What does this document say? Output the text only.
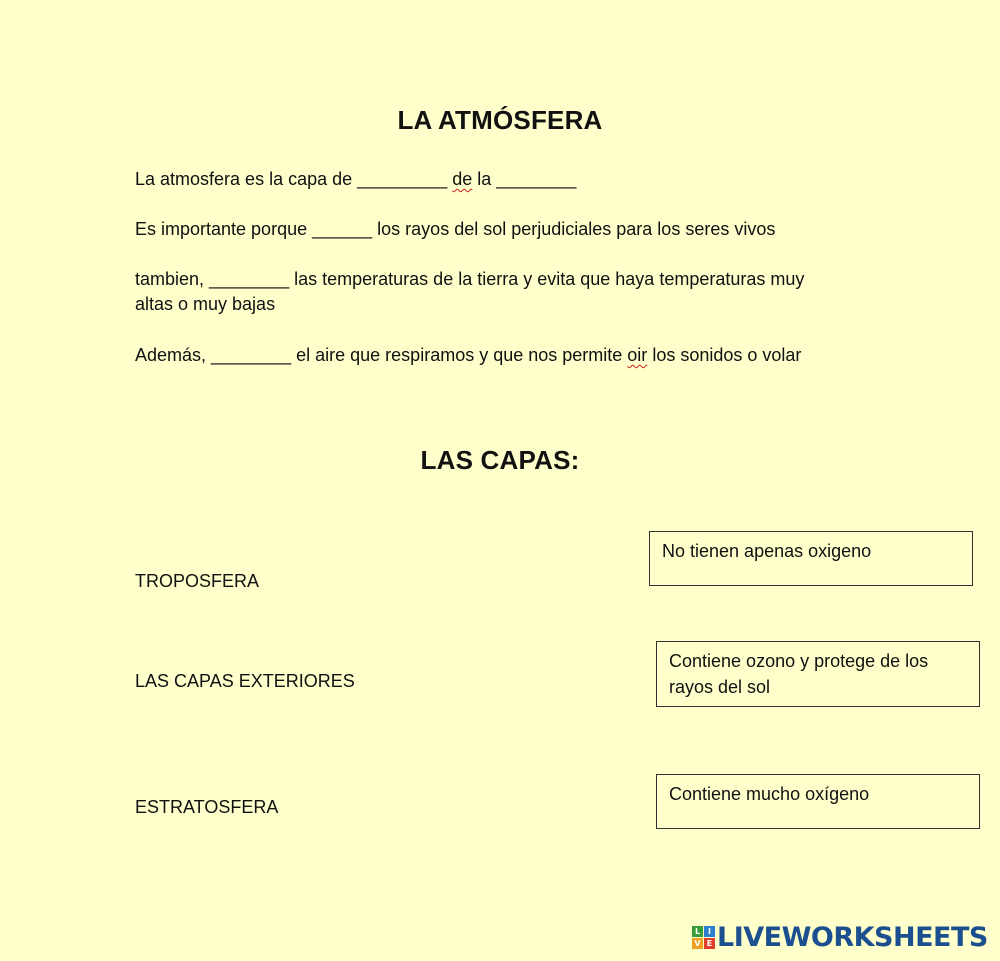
LA ATMÓSFERA
La atmosfera es la capa de _________ de la ________
Es importante porque ______ los rayos del sol perjudiciales para los seres vivos
tambien, ________ las temperaturas de la tierra y evita que haya temperaturas muy
altas o muy bajas
Además, ________ el aire que respiramos y que nos permite oir los sonidos o volar
LAS CAPAS:
TROPOSFERA
LAS CAPAS EXTERIORES
ESTRATOSFERA
No tienen apenas oxigeno
Contiene ozono y protege de los rayos del sol
Contiene mucho oxígeno
L I
V E LIVEWORKSHEETS
